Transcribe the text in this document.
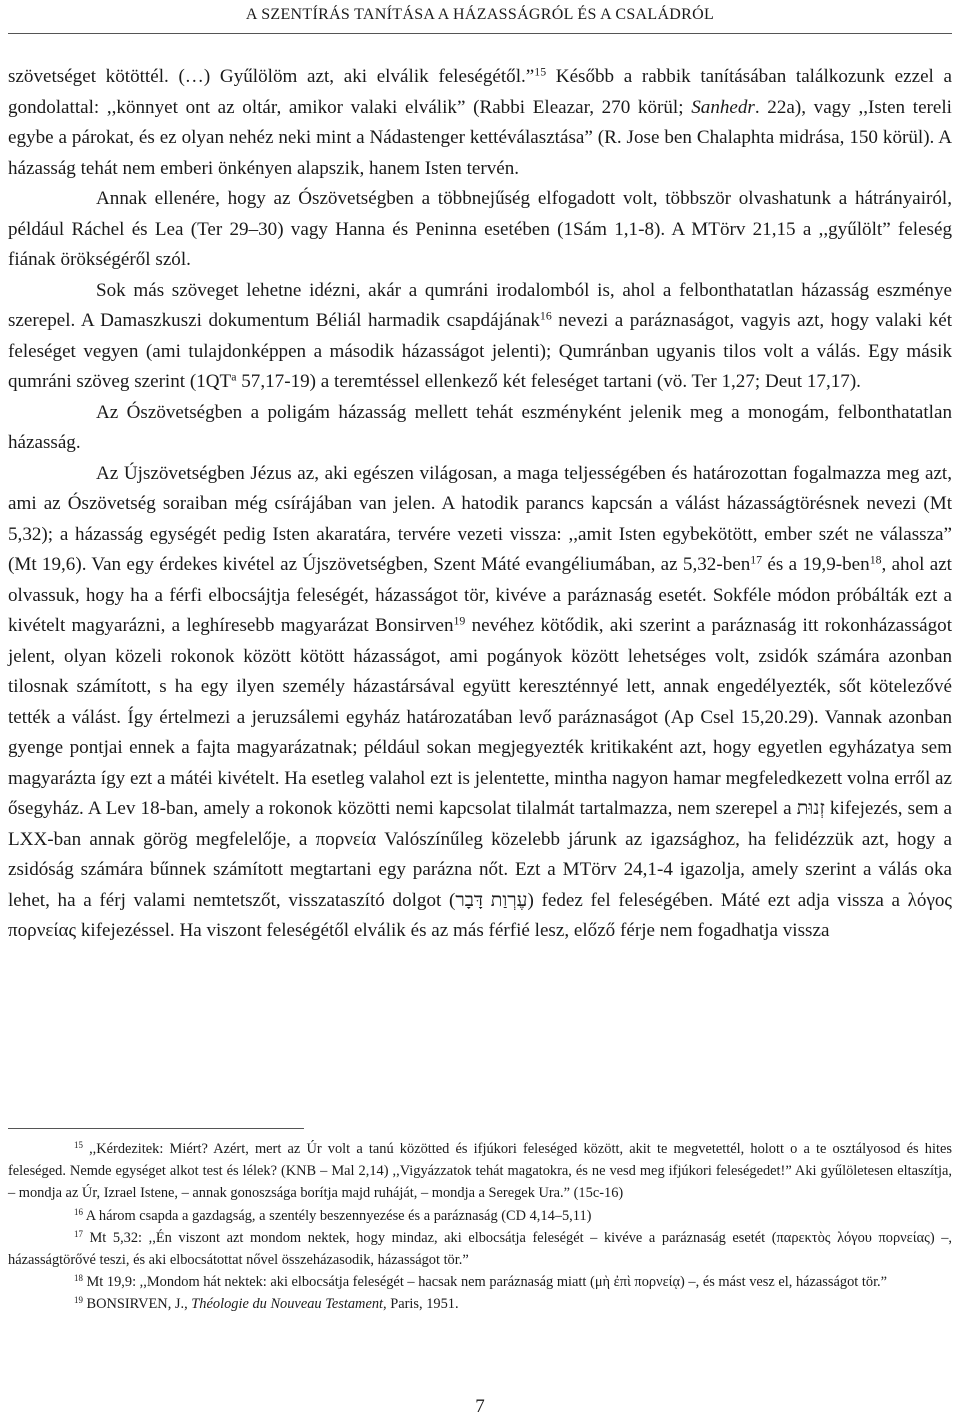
A SZENTÍRÁS TANÍTÁSA A HÁZASSÁGRÓL ÉS A CSALÁDRÓL

szövetséget kötöttél. (…) Gyűlölöm azt, aki elválik feleségétől.”$^{15}$ Később a rabbik tanításában találkozunk ezzel a gondolattal: ,,könnyet ont az oltár, amikor valaki elválik” (Rabbi Eleazar, 270 körül; Sanhedr. 22a), vagy ,,Isten tereli egybe a párokat, és ez olyan nehéz neki mint a Nádastenger kettéválasztása” (R. Jose ben Chalaphta midrása, 150 körül). A házasság tehát nem emberi önkényen alapszik, hanem Isten tervén.

Annak ellenére, hogy az Ószövetségben a többnejűség elfogadott volt, többször olvashatunk a hátrányairól, például Ráchel és Lea (Ter 29–30) vagy Hanna és Peninna esetében (1Sám 1,1-8). A MTörv 21,15 a ,,gyűlölt” feleség fiának örökségéről szól.

Sok más szöveget lehetne idézni, akár a qumráni irodalomból is, ahol a felbonthatatlan házasság eszménye szerepel. A Damaszkuszi dokumentum Béliál harmadik csapdájának$^{16}$ nevezi a paráznaságot, vagyis azt, hogy valaki két feleséget vegyen (ami tulajdonképpen a második házasságot jelenti); Qumránban ugyanis tilos volt a válás. Egy másik qumráni szöveg szerint ($1QT^a$ 57,17-19) a teremtéssel ellenkező két feleséget tartani (vö. Ter 1,27; Deut 17,17).

Az Ószövetségben a poligám házasság mellett tehát eszményként jelenik meg a monogám, felbonthatatlan házasság.

Az Újszövetségben Jézus az, aki egészen világosan, a maga teljességében és határozottan fogalmazza meg azt, ami az Ószövetség soraiban még csírájában van jelen. A hatodik parancs kapcsán a válást házasságtörésnek nevezi (Mt 5,32); a házasság egységét pedig Isten akaratára, tervére vezeti vissza: ,,amit Isten egybekötött, ember szét ne válassza” (Mt 19,6). Van egy érdekes kivétel az Újszövetségben, Szent Máté evangéliumában, az 5,32-ben$^{17}$ és a 19,9-ben$^{18}$, ahol azt olvassuk, hogy ha a férfi elbocsájtja feleségét, házasságot tör, kivéve a paráznaság esetét. Sokféle módon próbálták ezt a kivételt magyarázni, a leghíresebb magyarázat Bonsirven$^{19}$ nevéhez kötődik, aki szerint a paráznaság itt rokonházasságot jelent, olyan közeli rokonok között kötött házasságot, ami pogányok között lehetséges volt, zsidók számára azonban tilosnak számított, s ha egy ilyen személy házastársával együtt kereszténnyé lett, annak engedélyezték, sőt kötelezővé tették a válást. Így értelmezi a jeruzsálemi egyház határozatában levő paráznaságot (Ap Csel 15,20.29). Vannak azonban gyenge pontjai ennek a fajta magyarázatnak; például sokan megjegyezték kritikaként azt, hogy egyetlen egyházatya sem magyarázta így ezt a mátéi kivételt. Ha esetleg valahol ezt is jelentette, mintha nagyon hamar megfeledkezett volna erről az ősegyház. A Lev 18-ban, amely a rokonok közötti nemi kapcsolat tilalmát tartalmazza, nem szerepel a זְנוּת kifejezés, sem a LXX-ban annak görög megfelelője, a πορνεία Valószínűleg közelebb járunk az igazsághoz, ha felidézzük azt, hogy a zsidóság számára bűnnek számított megtartani egy parázna nőt. Ezt a MTörv 24,1-4 igazolja, amely szerint a válás oka lehet, ha a férj valami nemtetszőt, visszataszító dolgot (עֶרְוַת דָּבָר) fedez fel feleségében. Máté ezt adja vissza a λόγος πορνείας kifejezéssel. Ha viszont feleségétől elválik és az más férfié lesz, előző férje nem fogadhatja vissza

$^{15}$ ,,Kérdezitek: Miért? Azért, mert az Úr volt a tanú közötted és ifjúkori feleséged között, akit te megvetettél, holott o a te osztályosod és hites feleséged. Nemde egységet alkot test és lélek? (KNB – Mal 2,14) ,,Vigyázzatok tehát magatokra, és ne vesd meg ifjúkori feleségedet!” Aki gyűlöletesen eltaszítja, – mondja az Úr, Izrael Istene, – annak gonoszsága borítja majd ruháját, – mondja a Seregek Ura.” (15c-16)

$^{16}$ A három csapda a gazdagság, a szentély beszennyezése és a paráznaság (CD 4,14–5,11)

$^{17}$ Mt 5,32: ,,Én viszont azt mondom nektek, hogy mindaz, aki elbocsátja feleségét – kivéve a paráznaság esetét (παρεκτὸς λόγου πορνείας) –, házasságtörővé teszi, és aki elbocsátottat nővel összeházasodik, házasságot tör.”

$^{18}$ Mt 19,9: ,,Mondom hát nektek: aki elbocsátja feleségét – hacsak nem paráznaság miatt (μὴ ἐπὶ πορνείᾳ) –, és mást vesz el, házasságot tör.”

$^{19}$ BONSIRVEN, J., Théologie du Nouveau Testament, Paris, 1951.

7
